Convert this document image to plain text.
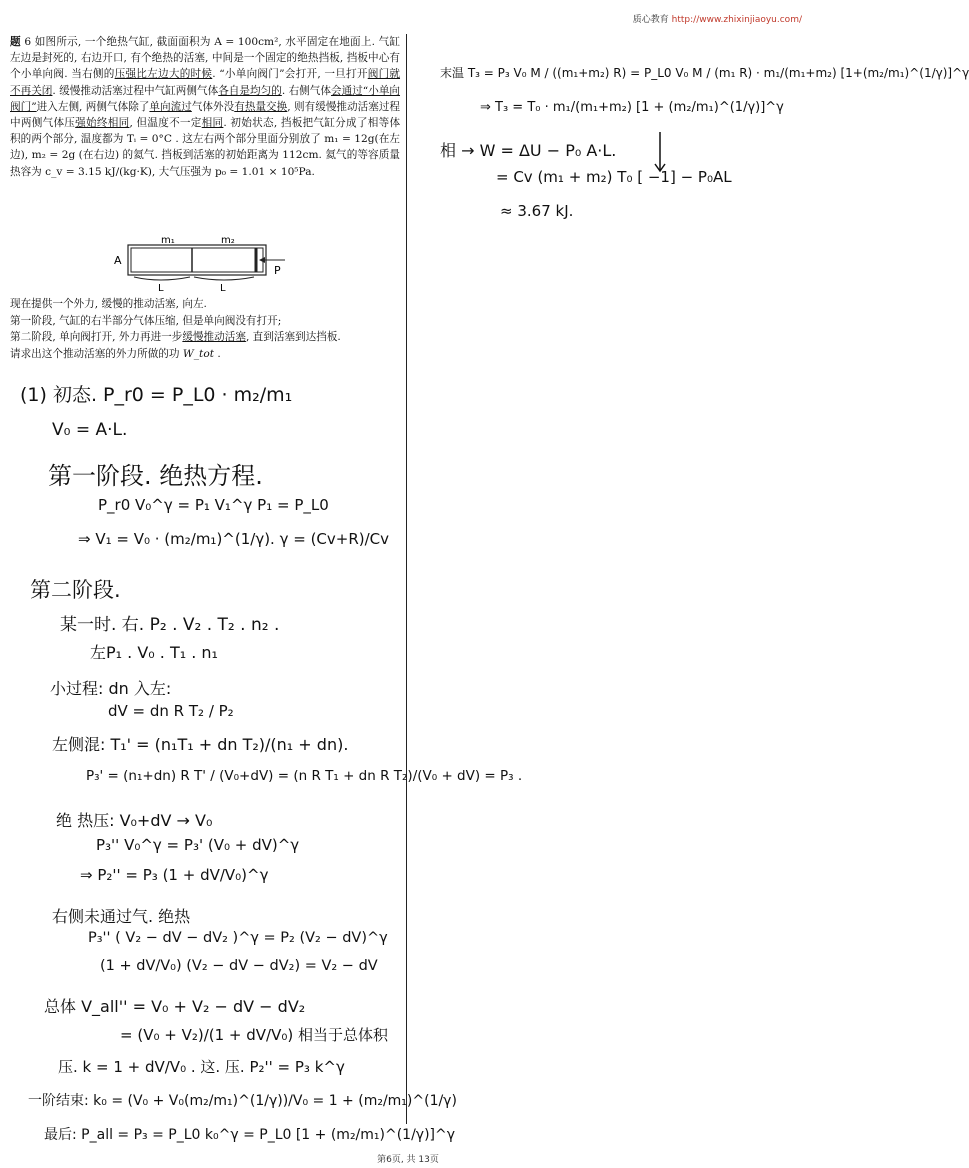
质心教育 http://www.zhixinjiaoyu.com/

题 6 如图所示, 一个绝热气缸, 截面面积为 A = 100cm², 水平固定在地面上. 气缸左边是封死的, 右边开口, 有个绝热的活塞, 中间是一个固定的绝热挡板, 挡板中心有个小单向阀. 当右侧的压强比左边大的时候. “小单向阀门”会打开, 一旦打开阀门就不再关闭. 缓慢推动活塞过程中气缸两侧气体各自是均匀的. 右侧气体会通过“小单向阀门”进入左侧, 两侧气体除了单向流过气体外没有热量交换, 则有缓慢推动活塞过程中两侧气体压强始终相同, 但温度不一定相同. 初始状态, 挡板把气缸分成了相等体积的两个部分, 温度都为 Tᵢ = 0°C . 这左右两个部分里面分别放了 m₁ = 12g(在左边), m₂ = 2g (在右边) 的氦气. 挡板到活塞的初始距离为 112cm. 氦气的等容质量热容为 c_v = 3.15 kJ/(kg·K), 大气压强为 p₀ = 1.01 × 10⁵Pa.

A
m₁	m₂
L	L
P

现在提供一个外力, 缓慢的推动活塞, 向左.

第一阶段, 气缸的右半部分气体压缩, 但是单向阀没有打开;

第二阶段, 单向阀打开, 外力再进一步缓慢推动活塞, 直到活塞到达挡板.

请求出这个推动活塞的外力所做的功 W_tot .

(1) 初态. P_r0 = P_L0 · m₂/m₁
V₀ = A·L.
第一阶段. 绝热方程.
P_r0 V₀^γ = P₁ V₁^γ P₁ = P_L0
⇒ V₁ = V₀ · (m₂/m₁)^(1/γ). γ = (Cv+R)/Cv
第二阶段.
某一时. 右. P₂ . V₂ . T₂ . n₂ .
左P₁ . V₀ . T₁ . n₁
小过程: dn 入左:
dV = dn R T₂ / P₂
左侧混: T₁' = (n₁T₁ + dn T₂)/(n₁ + dn).
P₃' = (n₁+dn) R T' / (V₀+dV) = (n R T₁ + dn R T₂)/(V₀ + dV) = P₃ .
绝 热压: V₀+dV → V₀
P₃'' V₀^γ = P₃' (V₀ + dV)^γ
⇒ P₂'' = P₃ (1 + dV/V₀)^γ
右侧未通过气. 绝热
P₃'' ( V₂ − dV − dV₂ )^γ = P₂ (V₂ − dV)^γ
(1 + dV/V₀) (V₂ − dV − dV₂) = V₂ − dV
总体 V_all'' = V₀ + V₂ − dV − dV₂
= (V₀ + V₂)/(1 + dV/V₀) 相当于总体积
压. k = 1 + dV/V₀ . 这. 压. P₂'' = P₃ k^γ
一阶结束: k₀ = (V₀ + V₀(m₂/m₁)^(1/γ))/V₀ = 1 + (m₂/m₁)^(1/γ)
最后: P_all = P₃ = P_L0 k₀^γ = P_L0 [1 + (m₂/m₁)^(1/γ)]^γ
末温 T₃ = P₃ V₀ M / ((m₁+m₂) R) = P_L0 V₀ M / (m₁ R) · m₁/(m₁+m₂) [1+(m₂/m₁)^(1/γ)]^γ
⇒ T₃ = T₀ · m₁/(m₁+m₂) [1 + (m₂/m₁)^(1/γ)]^γ
相 → W = ΔU − P₀ A·L.
= Cv (m₁ + m₂) T₀ [ −1] − P₀AL
≈ 3.67 kJ.
第6页, 共 13页
